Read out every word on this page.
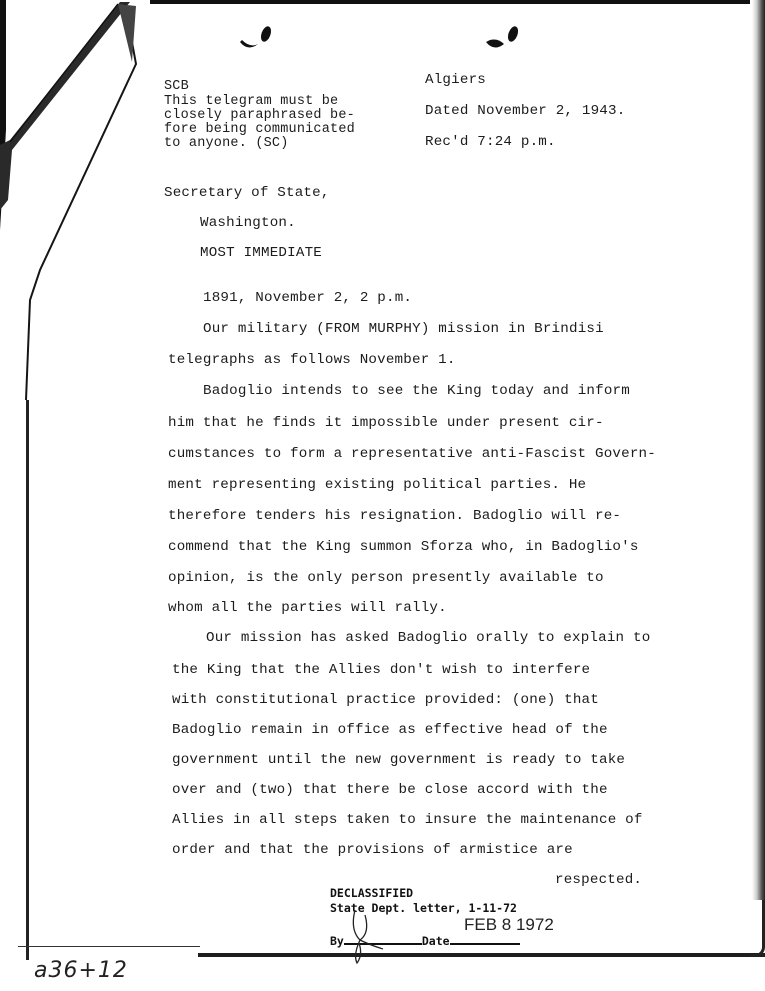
SCB
This telegram must be
closely paraphrased be-
fore being communicated
to anyone. (SC)
Algiers
Dated November 2, 1943.
Rec'd 7:24 p.m.
Secretary of State,
Washington.
MOST IMMEDIATE
1891, November 2, 2 p.m.
Our military (FROM MURPHY) mission in Brindisi
telegraphs as follows November 1.
Badoglio intends to see the King today and inform
him that he finds it impossible under present cir-
cumstances to form a representative anti-Fascist Govern-
ment representing existing political parties. He
therefore tenders his resignation. Badoglio will re-
commend that the King summon Sforza who, in Badoglio's
opinion, is the only person presently available to
whom all the parties will rally.
Our mission has asked Badoglio orally to explain to
the King that the Allies don't wish to interfere
with constitutional practice provided: (one) that
Badoglio remain in office as effective head of the
government until the new government is ready to take
over and (two) that there be close accord with the
Allies in all steps taken to insure the maintenance of
order and that the provisions of armistice are
respected.
DECLASSIFIED
State Dept. letter, 1-11-72
FEB 8 1972
By	Date
a36+12
